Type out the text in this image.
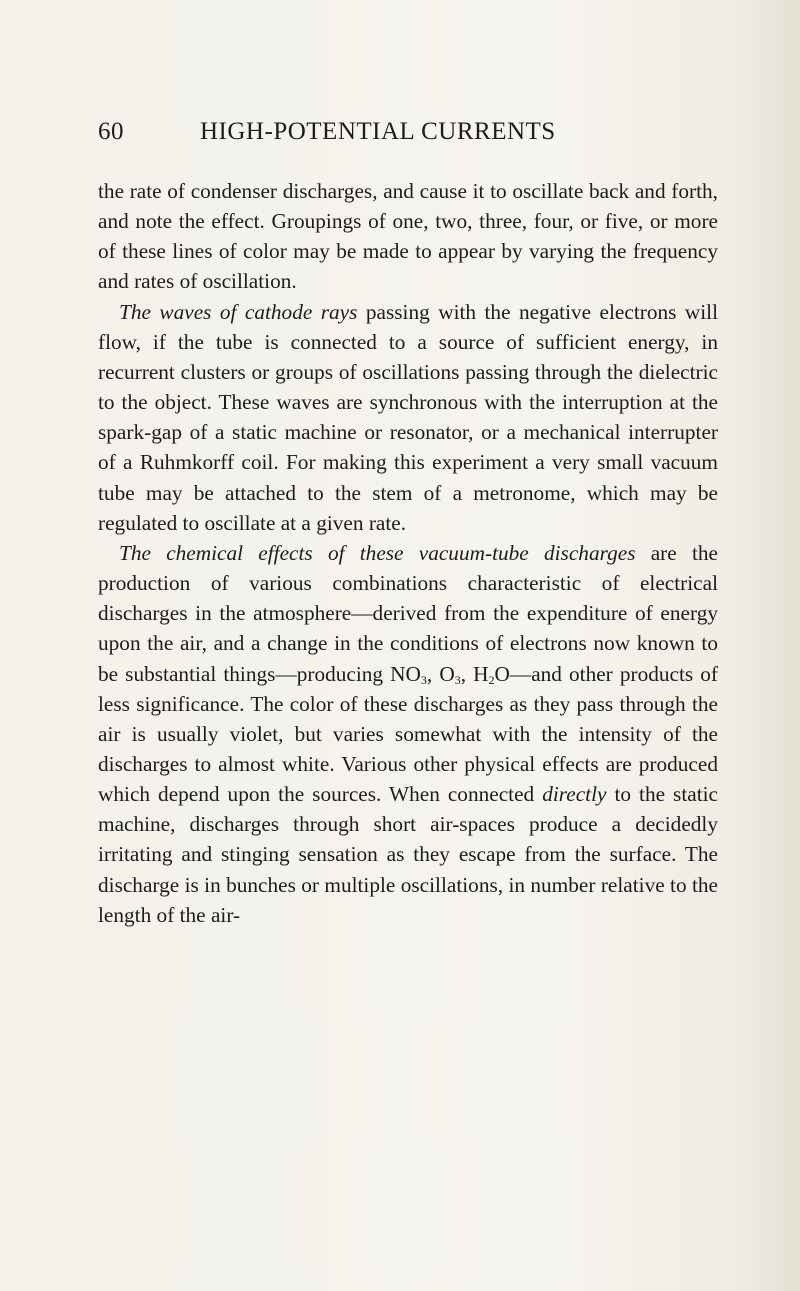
60	HIGH-POTENTIAL CURRENTS

the rate of condenser discharges, and cause it to oscillate back and forth, and note the effect. Groupings of one, two, three, four, or five, or more of these lines of color may be made to appear by varying the frequency and rates of oscillation.

The waves of cathode rays passing with the negative electrons will flow, if the tube is connected to a source of sufficient energy, in recurrent clusters or groups of oscillations passing through the dielectric to the object. These waves are synchronous with the interruption at the spark-gap of a static machine or resonator, or a mechanical interrupter of a Ruhmkorff coil. For making this experiment a very small vacuum tube may be attached to the stem of a metronome, which may be regulated to oscillate at a given rate.

The chemical effects of these vacuum-tube discharges are the production of various combinations characteristic of electrical discharges in the atmosphere—derived from the expenditure of energy upon the air, and a change in the conditions of electrons now known to be substantial things—producing $NO_3$, $O_3$, $H_2O—and$ other products of less significance. The color of these discharges as they pass through the air is usually violet, but varies somewhat with the intensity of the discharges to almost white. Various other physical effects are produced which depend upon the sources. When connected directly to the static machine, discharges through short air-spaces produce a decidedly irritating and stinging sensation as they escape from the surface. The discharge is in bunches or multiple oscillations, in number relative to the length of the air-
